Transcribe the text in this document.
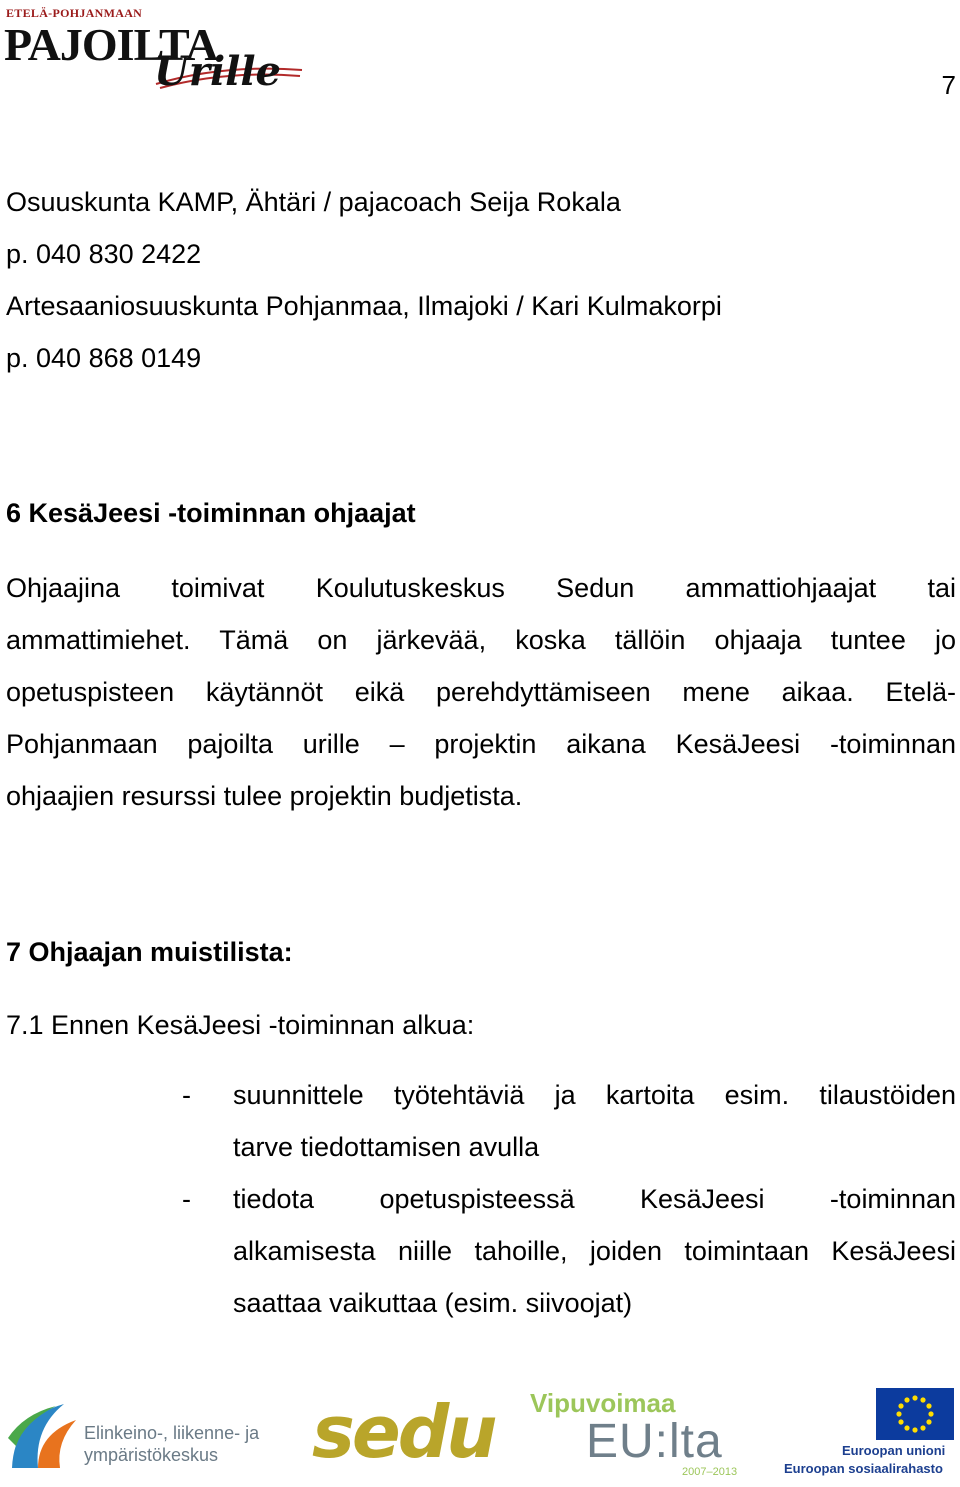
ETELÄ-POHJANMAAN
PAJOILTA
Urille	7
Osuuskunta KAMP, Ähtäri / pajacoach Seija Rokala
p. 040 830 2422
Artesaaniosuuskunta Pohjanmaa, Ilmajoki / Kari Kulmakorpi
p. 040 868 0149
6 KesäJeesi -toiminnan ohjaajat
Ohjaajina toimivat Koulutuskeskus Sedun ammattiohjaajat tai
ammattimiehet. Tämä on järkevää, koska tällöin ohjaaja tuntee jo
opetuspisteen käytännöt eikä perehdyttämiseen mene aikaa. Etelä-
Pohjanmaan pajoilta urille – projektin aikana KesäJeesi -toiminnan
ohjaajien resurssi tulee projektin budjetista.
7 Ohjaajan muistilista:
7.1 Ennen KesäJeesi -toiminnan alkua:
- suunnittele työtehtäviä ja kartoita esim. tilaustöiden
tarve tiedottamisen avulla
- tiedota opetuspisteessä KesäJeesi -toiminnan
alkamisesta niille tahoille, joiden toimintaan KesäJeesi
saattaa vaikuttaa (esim. siivoojat)
Elinkeino-, liikenne- ja
ympäristökeskus	sedu Vipuvoimaa
EU:lta
2007–2013
Euroopan unioni
Euroopan sosiaalirahasto
